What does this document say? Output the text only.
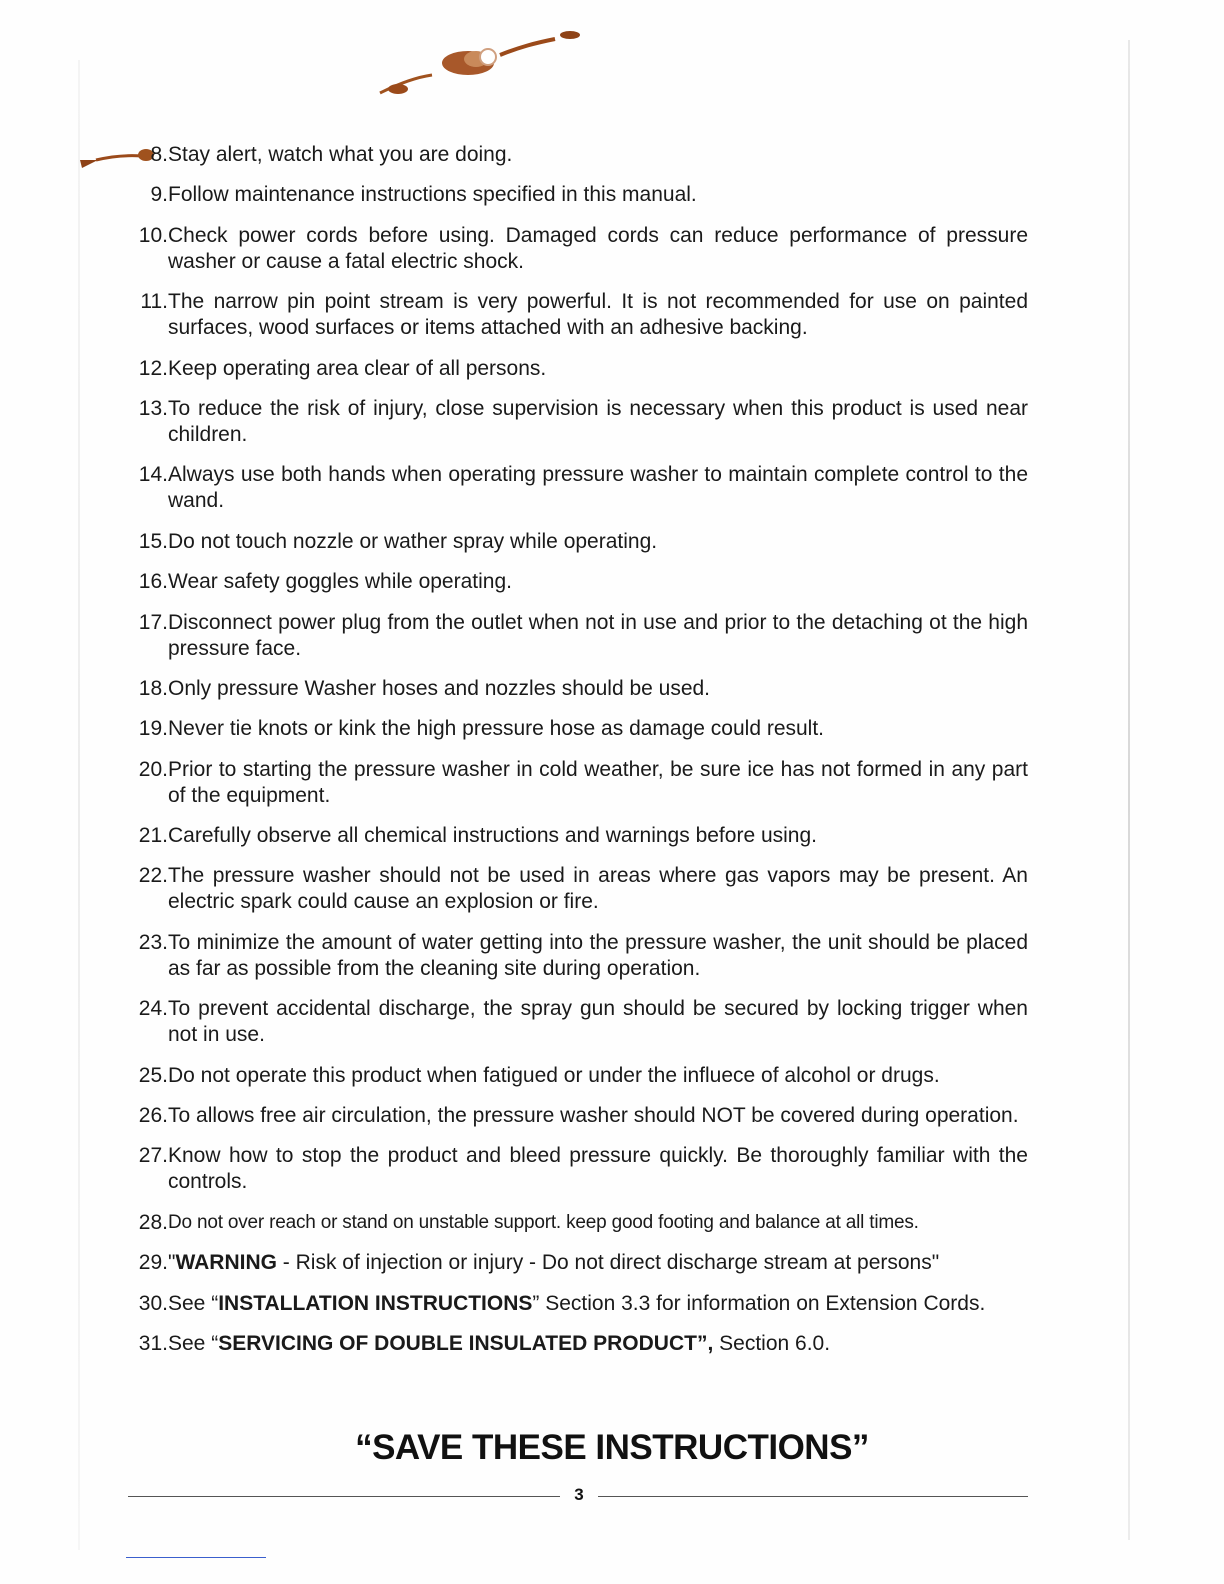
8. Stay alert, watch what you are doing.
9. Follow maintenance instructions specified in this manual.
10. Check power cords before using. Damaged cords can reduce performance of pressure washer or cause a fatal electric shock.
11. The narrow pin point stream is very powerful. It is not recommended for use on painted surfaces, wood surfaces or items attached with an adhesive backing.
12. Keep operating area clear of all persons.
13. To reduce the risk of injury, close supervision is necessary when this product is used near children.
14. Always use both hands when operating pressure washer to maintain complete control to the wand.
15. Do not touch nozzle or wather spray while operating.
16. Wear safety goggles while operating.
17. Disconnect power plug from the outlet when not in use and prior to the detaching ot the high pressure face.
18. Only pressure Washer hoses and nozzles should be used.
19. Never tie knots or kink the high pressure hose as damage could result.
20. Prior to starting the pressure washer in cold weather, be sure ice has not formed in any part of the equipment.
21. Carefully observe all chemical instructions and warnings before using.
22. The pressure washer should not be used in areas where gas vapors may be present. An electric spark could cause an explosion or fire.
23. To minimize the amount of water getting into the pressure washer, the unit should be placed as far as possible from the cleaning site during operation.
24. To prevent accidental discharge, the spray gun should be secured by locking trigger when not in use.
25. Do not operate this product when fatigued or under the influece of alcohol or drugs.
26. To allows free air circulation, the pressure washer should NOT be covered during operation.
27. Know how to stop the product and bleed pressure quickly. Be thoroughly familiar with the controls.
28. Do not over reach or stand on unstable support. keep good footing and balance at all times.
29. "WARNING - Risk of injection or injury - Do not direct discharge stream at persons"
30. See “INSTALLATION INSTRUCTIONS” Section 3.3 for information on Extension Cords.
31. See “SERVICING OF DOUBLE INSULATED PRODUCT”, Section 6.0.
“SAVE THESE INSTRUCTIONS”
3
